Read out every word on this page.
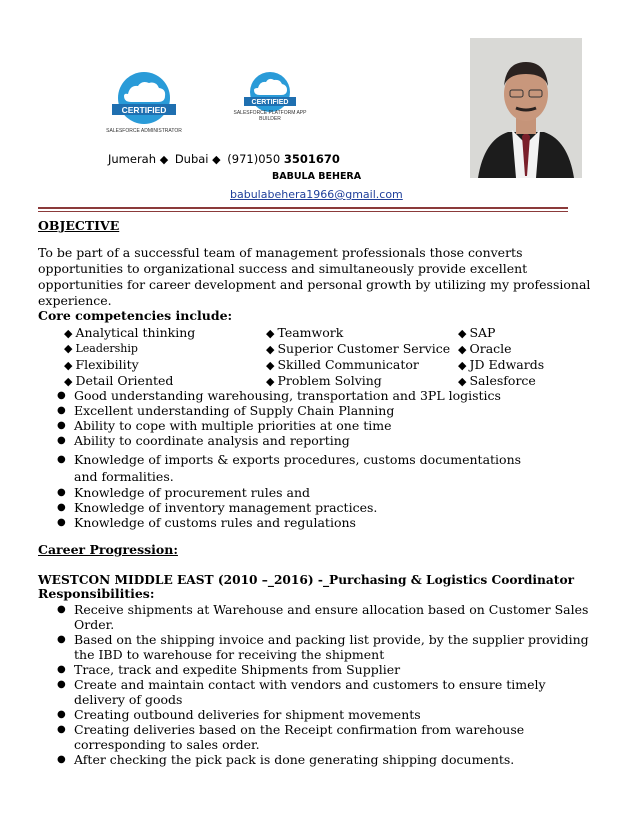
CERTIFIED
SALESFORCE ADMINISTRATOR
CERTIFIED
SALESFORCE PLATFORM APP BUILDER
Jumerah ◆ Dubai ◆ (971)050 3501670
BABULA BEHERA
babulabehera1966@gmail.com
OBJECTIVE
To be part of a successful team of management professionals those converts opportunities to organizational success and simultaneously provide excellent opportunities for career development and personal growth by utilizing my professional experience.
Core competencies include:
◆ Analytical thinking
◆ Leadership
◆ Flexibility
◆ Detail Oriented
◆ Teamwork
◆ Superior Customer Service
◆ Skilled Communicator
◆ Problem Solving
◆ SAP
◆ Oracle
◆ JD Edwards
◆ Salesforce
● Good understanding warehousing, transportation and 3PL logistics
● Excellent understanding of Supply Chain Planning
● Ability to cope with multiple priorities at one time
● Ability to coordinate analysis and reporting
● Knowledge of imports & exports procedures, customs documentations and formalities.
● Knowledge of procurement rules and
● Knowledge of inventory management practices.
● Knowledge of customs rules and regulations
Career Progression:
WESTCON MIDDLE EAST (2010 –_2016) -_Purchasing & Logistics Coordinator
Responsibilities:
● Receive shipments at Warehouse and ensure allocation based on Customer Sales Order.
● Based on the shipping invoice and packing list provide, by the supplier providing the IBD to warehouse for receiving the shipment
● Trace, track and expedite Shipments from Supplier
● Create and maintain contact with vendors and customers to ensure timely delivery of goods
● Creating outbound deliveries for shipment movements
● Creating deliveries based on the Receipt confirmation from warehouse corresponding to sales order.
● After checking the pick pack is done generating shipping documents.
